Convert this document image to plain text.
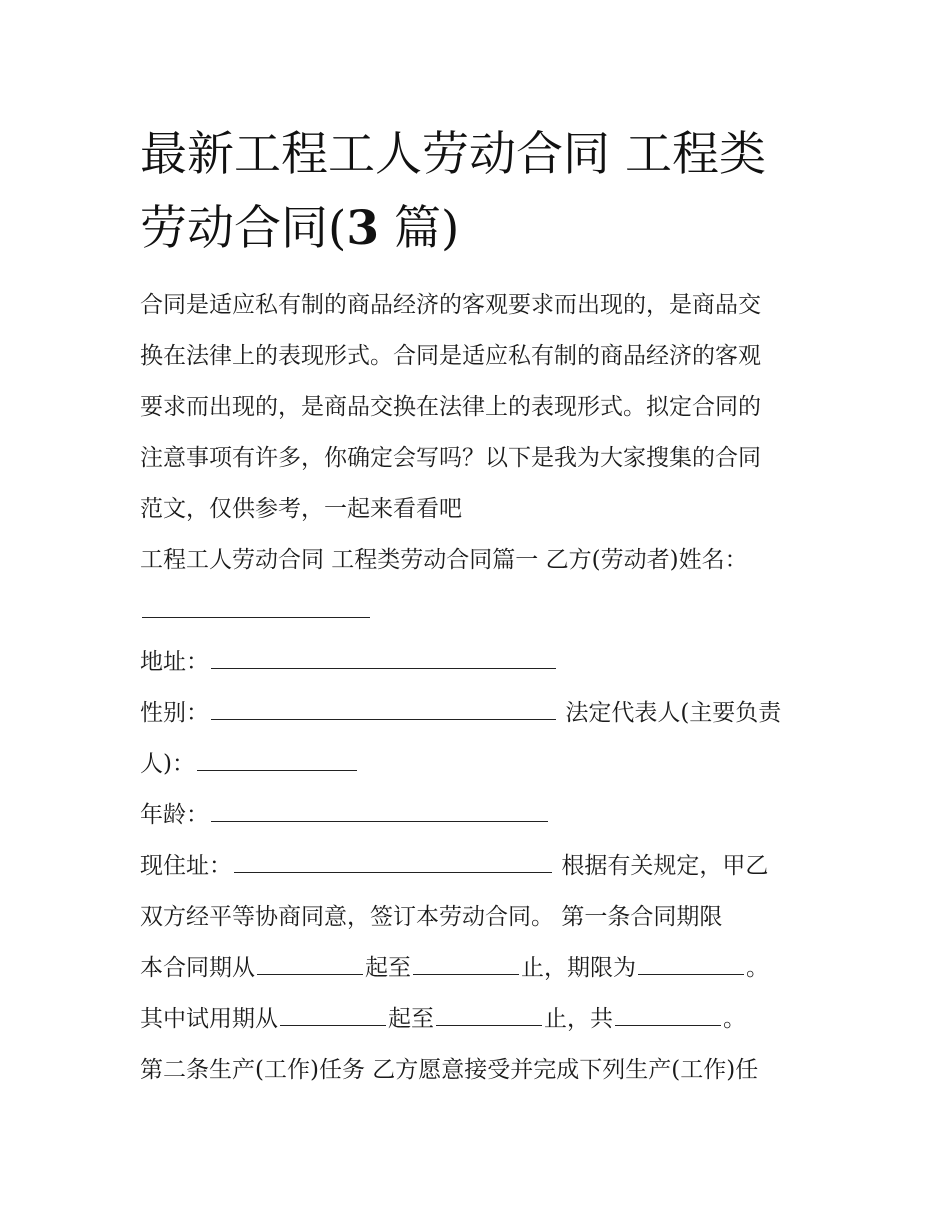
最新工程工人劳动合同 工程类
劳动合同(3 篇)
合同是适应私有制的商品经济的客观要求而出现的，是商品交
换在法律上的表现形式。合同是适应私有制的商品经济的客观
要求而出现的，是商品交换在法律上的表现形式。拟定合同的
注意事项有许多，你确定会写吗？以下是我为大家搜集的合同
范文，仅供参考，一起来看看吧
工程工人劳动合同 工程类劳动合同篇一 乙方(劳动者)姓名：
地址：
性别：	法定代表人(主要负责
人)：
年龄：
现住址：	根据有关规定，甲乙
双方经平等协商同意，签订本劳动合同。 第一条合同期限
本合同期从	起至	止，期限为	。
其中试用期从	起至	止，共	。
第二条生产(工作)任务 乙方愿意接受并完成下列生产(工作)任
